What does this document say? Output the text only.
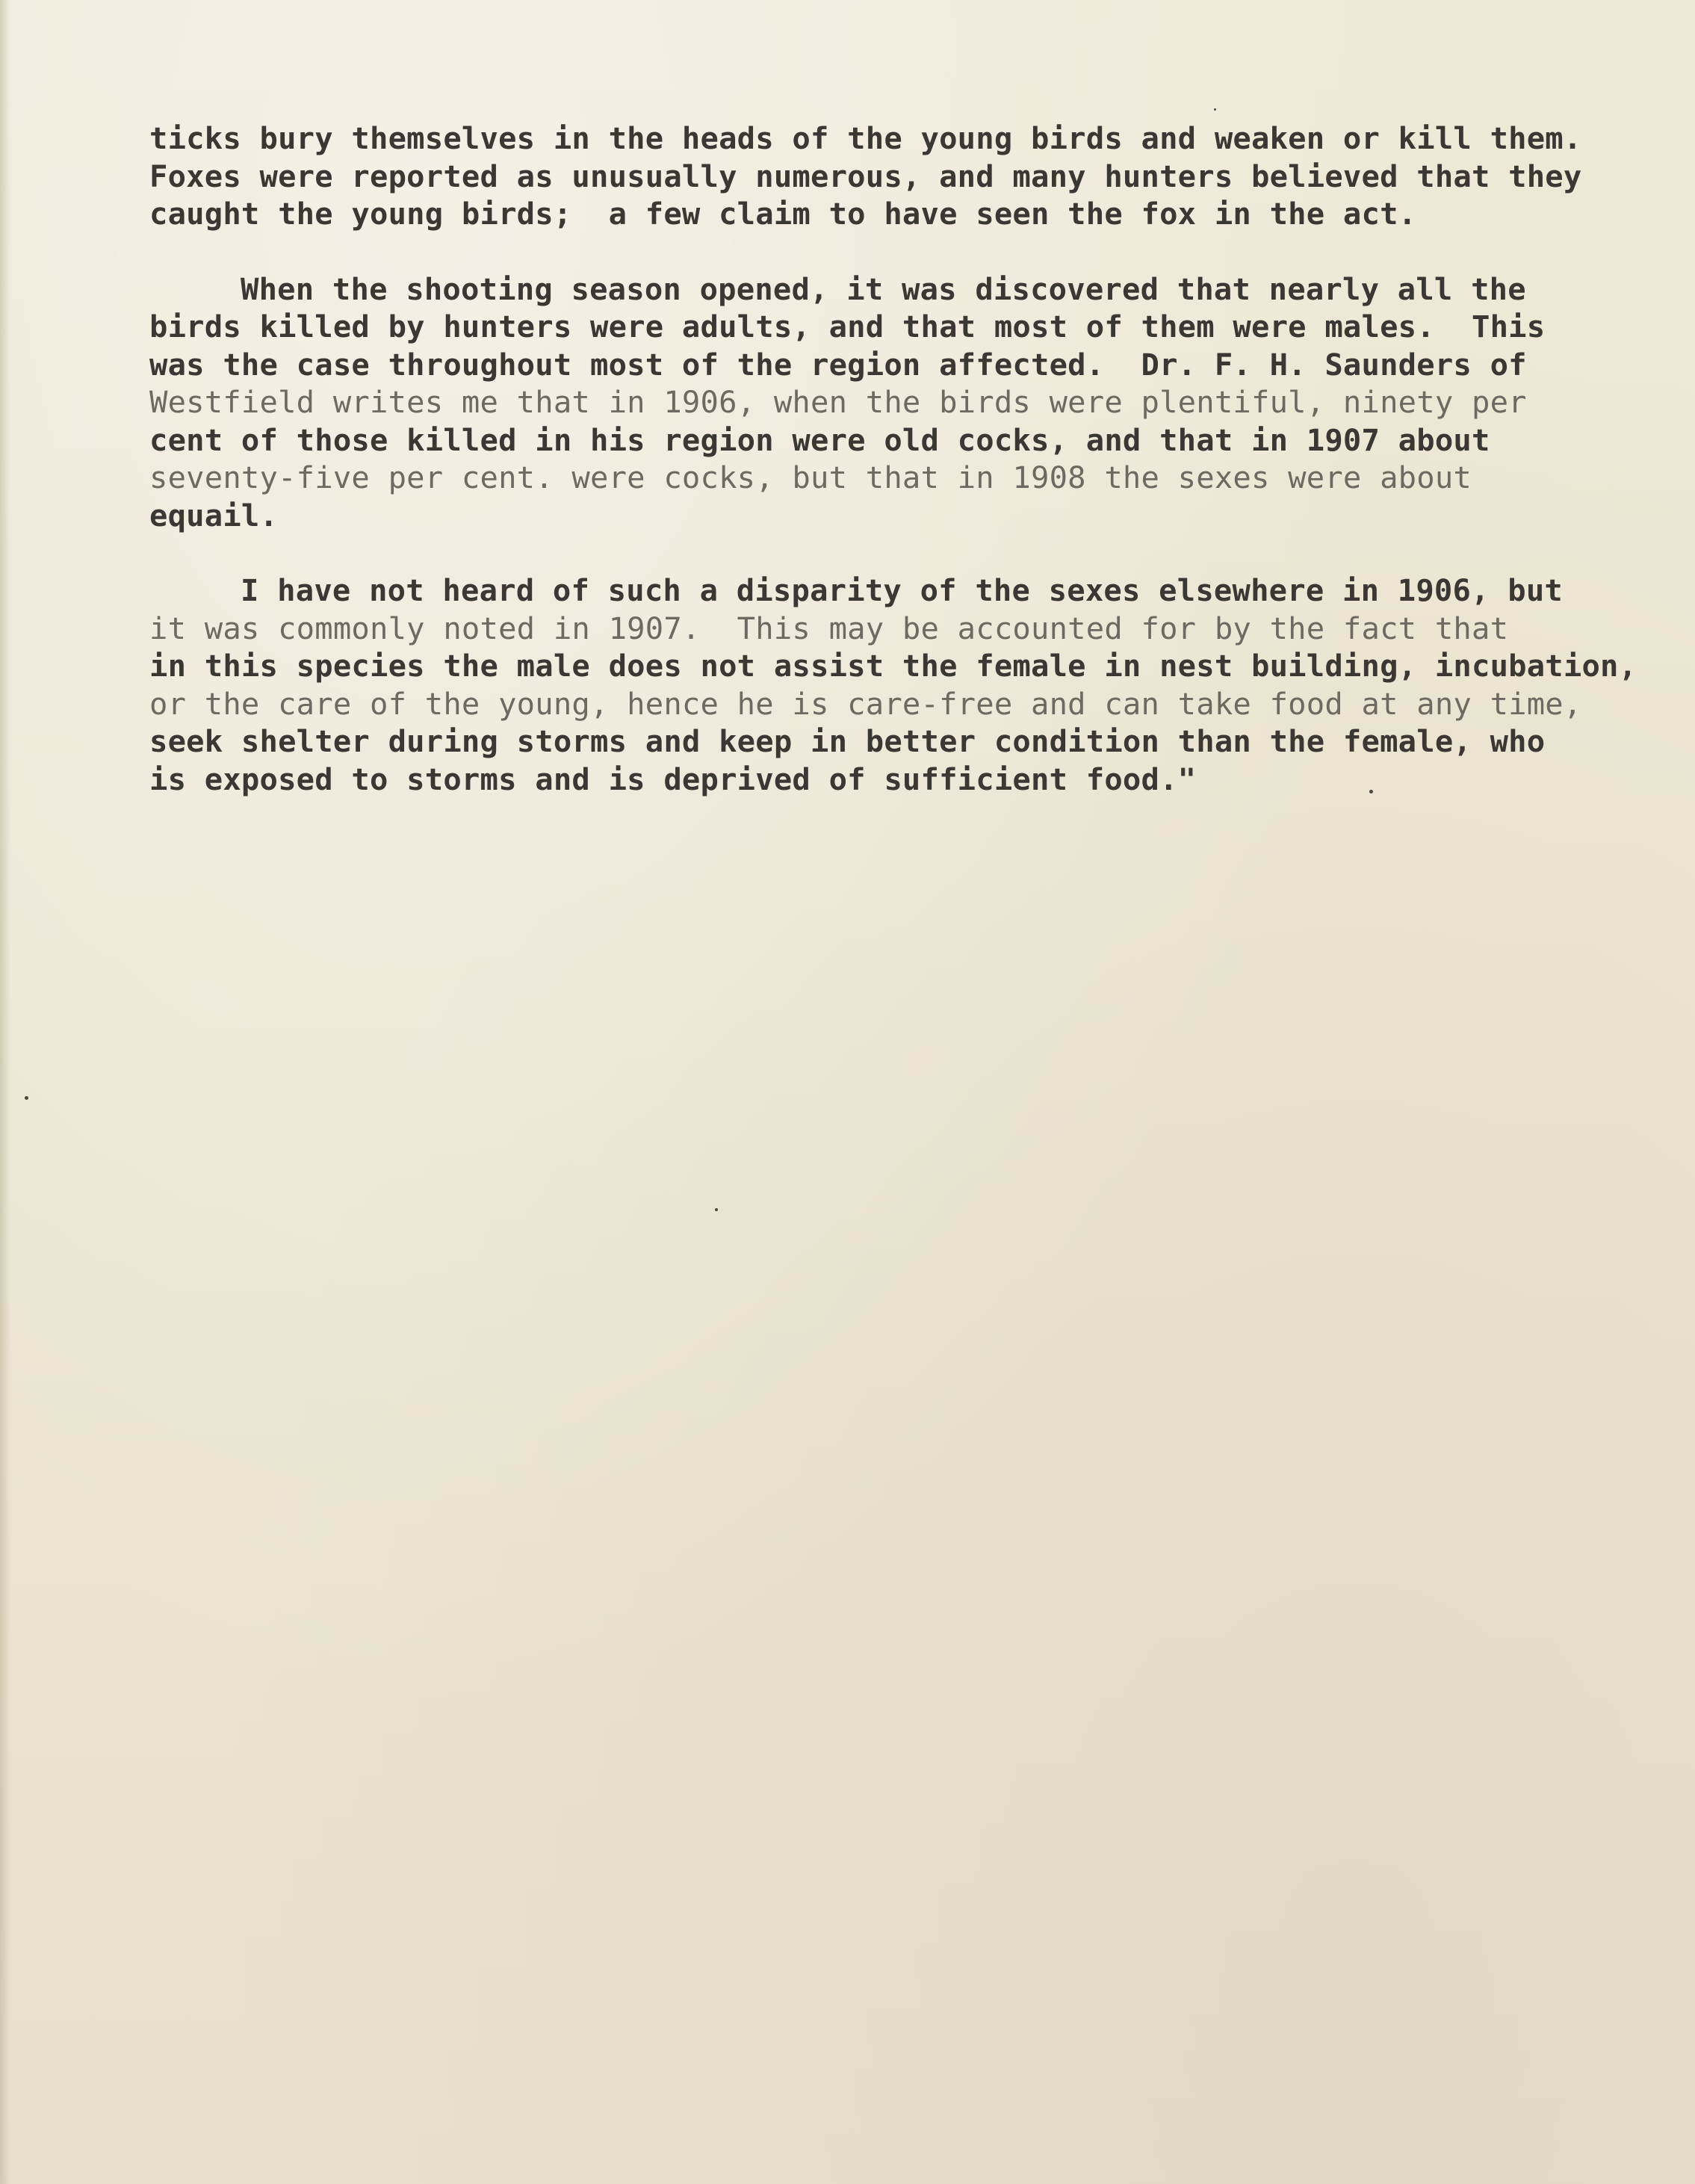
ticks bury themselves in the heads of the young birds and weaken or kill them.
Foxes were reported as unusually numerous, and many hunters believed that they
caught the young birds;  a few claim to have seen the fox in the act.
When the shooting season opened, it was discovered that nearly all the
birds killed by hunters were adults, and that most of them were males.  This
was the case throughout most of the region affected.  Dr. F. H. Saunders of
Westfield writes me that in 1906, when the birds were plentiful, ninety per
cent of those killed in his region were old cocks, and that in 1907 about
seventy-five per cent. were cocks, but that in 1908 the sexes were about
equail.
I have not heard of such a disparity of the sexes elsewhere in 1906, but
it was commonly noted in 1907.  This may be accounted for by the fact that
in this species the male does not assist the female in nest building, incubation,
or the care of the young, hence he is care-free and can take food at any time,
seek shelter during storms and keep in better condition than the female, who
is exposed to storms and is deprived of sufficient food."
